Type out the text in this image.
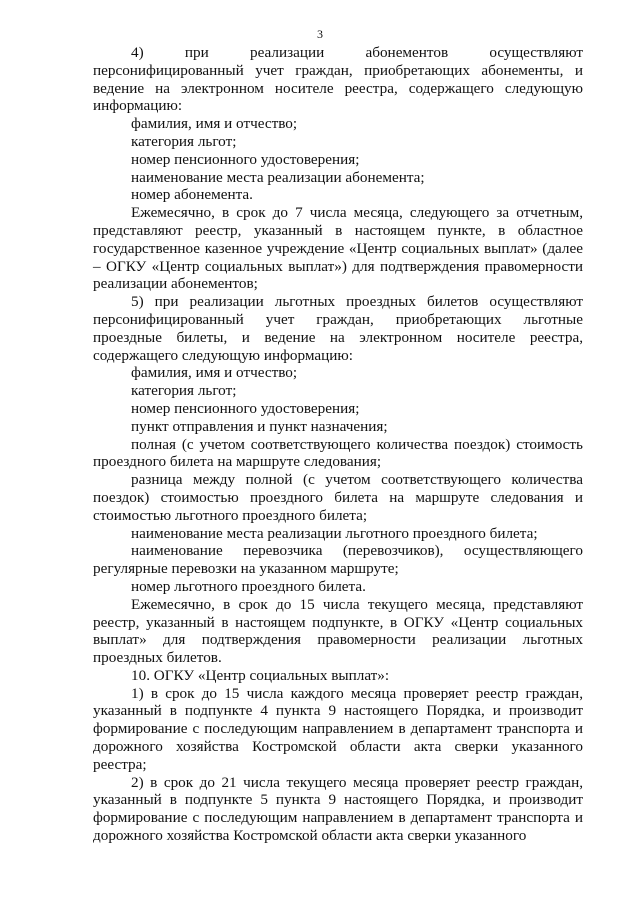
3
4)	при	реализации	абонементов	осуществляют

персонифицированный учет граждан, приобретающих абонементы, и ведение на электронном носителе реестра, содержащего следующую информацию:

фамилия, имя и отчество;

категория льгот;

номер пенсионного удостоверения;

наименование места реализации абонемента;

номер абонемента.

Ежемесячно, в срок до 7 числа месяца, следующего за отчетным, представляют реестр, указанный в настоящем пункте, в областное государственное казенное учреждение «Центр социальных выплат» (далее – ОГКУ «Центр социальных выплат») для подтверждения правомерности реализации абонементов;

5) при реализации льготных проездных билетов осуществляют персонифицированный учет граждан, приобретающих льготные проездные билеты, и ведение на электронном носителе реестра, содержащего следующую информацию:

фамилия, имя и отчество;

категория льгот;

номер пенсионного удостоверения;

пункт отправления и пункт назначения;

полная (с учетом соответствующего количества поездок) стоимость проездного билета на маршруте следования;

разница между полной (с учетом соответствующего количества поездок) стоимостью проездного билета на маршруте следования и стоимостью льготного проездного билета;

наименование места реализации льготного проездного билета;

наименование перевозчика (перевозчиков), осуществляющего

регулярные перевозки на указанном маршруте;

номер льготного проездного билета.

Ежемесячно, в срок до 15 числа текущего месяца, представляют реестр, указанный в настоящем подпункте, в ОГКУ «Центр социальных выплат» для подтверждения правомерности реализации льготных проездных билетов.

10. ОГКУ «Центр социальных выплат»:

1) в срок до 15 числа каждого месяца проверяет реестр граждан, указанный в подпункте 4 пункта 9 настоящего Порядка, и производит формирование с последующим направлением в департамент транспорта и дорожного хозяйства Костромской области акта сверки указанного реестра;

2) в срок до 21 числа текущего месяца проверяет реестр граждан, указанный в подпункте 5 пункта 9 настоящего Порядка, и производит формирование с последующим направлением в департамент транспорта и дорожного хозяйства Костромской области акта сверки указанного
